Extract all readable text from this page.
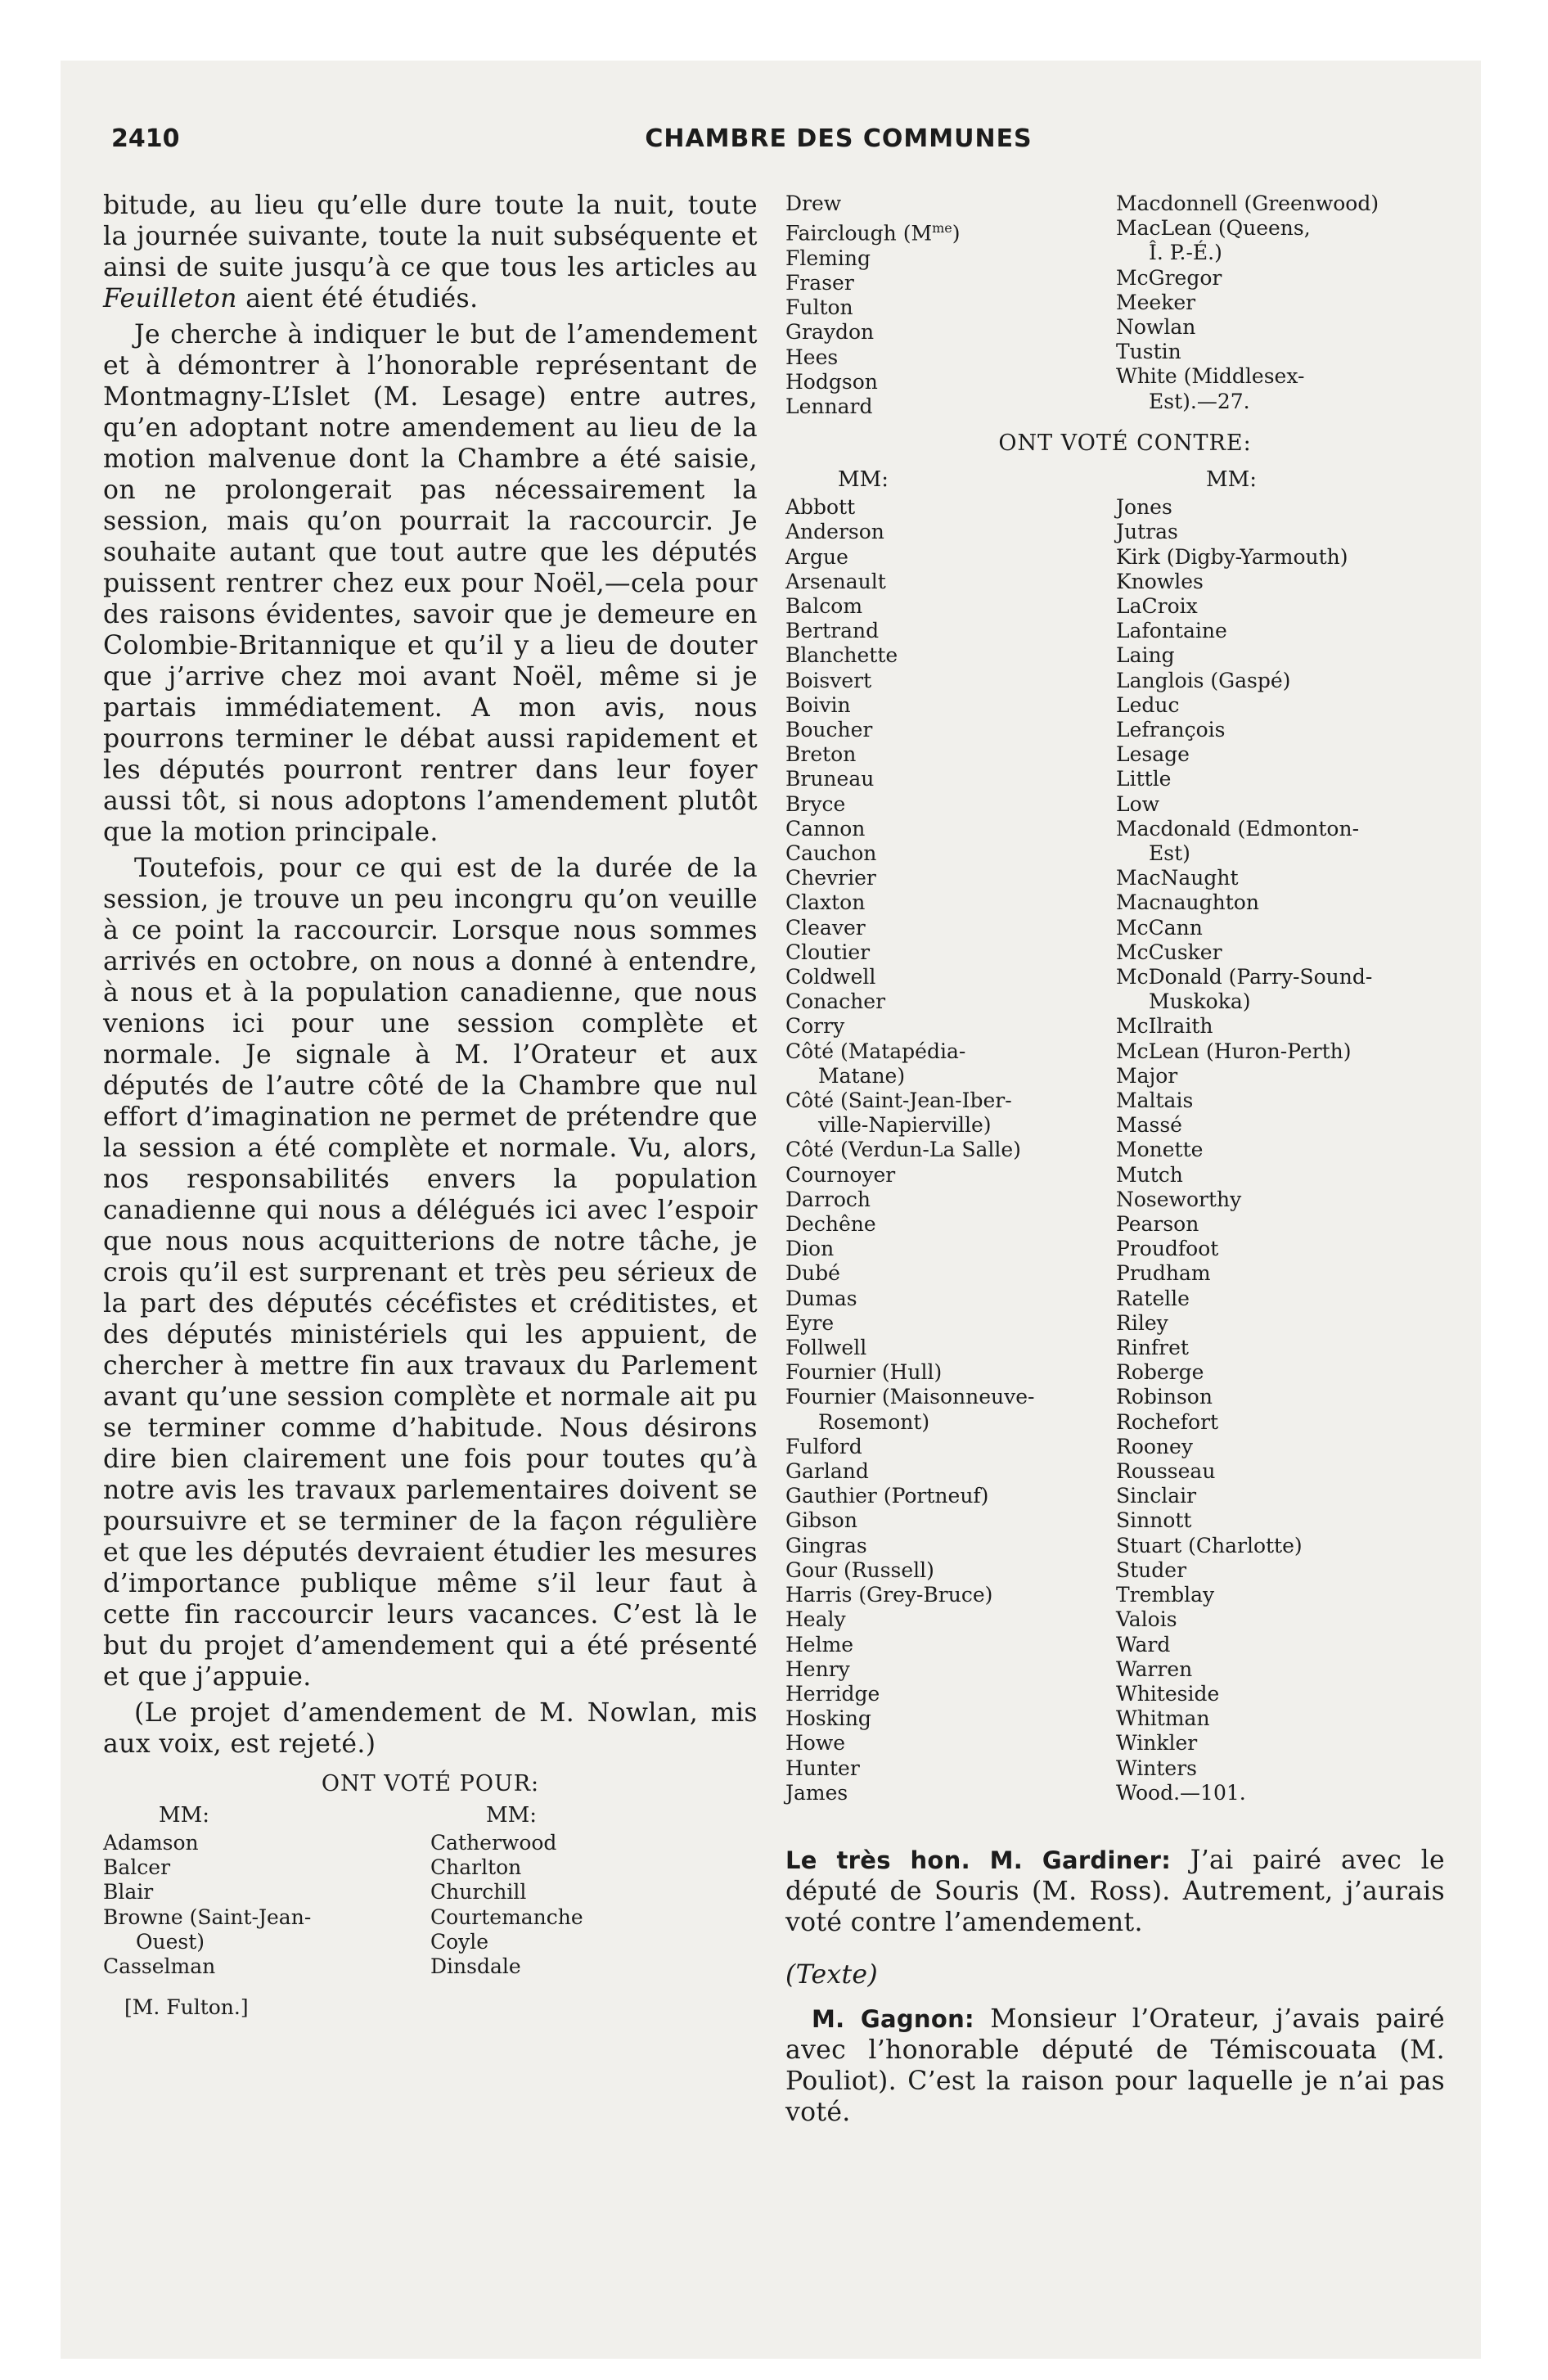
2410	CHAMBRE DES COMMUNES

bitude, au lieu qu’elle dure toute la nuit, toute la journée suivante, toute la nuit subséquente et ainsi de suite jusqu’à ce que tous les articles au Feuilleton aient été étudiés.

Je cherche à indiquer le but de l’amendement et à démontrer à l’honorable représentant de Montmagny-L’Islet (M. Lesage) entre autres, qu’en adoptant notre amendement au lieu de la motion malvenue dont la Chambre a été saisie, on ne prolongerait pas nécessairement la session, mais qu’on pourrait la raccourcir. Je souhaite autant que tout autre que les députés puissent rentrer chez eux pour Noël,—cela pour des raisons évidentes, savoir que je demeure en Colombie-Britannique et qu’il y a lieu de douter que j’arrive chez moi avant Noël, même si je partais immédiatement. A mon avis, nous pourrons terminer le débat aussi rapidement et les députés pourront rentrer dans leur foyer aussi tôt, si nous adoptons l’amendement plutôt que la motion principale.

Toutefois, pour ce qui est de la durée de la session, je trouve un peu incongru qu’on veuille à ce point la raccourcir. Lorsque nous sommes arrivés en octobre, on nous a donné à entendre, à nous et à la population canadienne, que nous venions ici pour une session complète et normale. Je signale à M. l’Orateur et aux députés de l’autre côté de la Chambre que nul effort d’imagination ne permet de prétendre que la session a été complète et normale. Vu, alors, nos responsabilités envers la population canadienne qui nous a délégués ici avec l’espoir que nous nous acquitterions de notre tâche, je crois qu’il est surprenant et très peu sérieux de la part des députés cécéfistes et créditistes, et des députés ministériels qui les appuient, de chercher à mettre fin aux travaux du Parlement avant qu’une session complète et normale ait pu se terminer comme d’habitude. Nous désirons dire bien clairement une fois pour toutes qu’à notre avis les travaux parlementaires doivent se poursuivre et se terminer de la façon régulière et que les députés devraient étudier les mesures d’importance publique même s’il leur faut à cette fin raccourcir leurs vacances. C’est là le but du projet d’amendement qui a été présenté et que j’appuie.

(Le projet d’amendement de M. Nowlan, mis aux voix, est rejeté.)

ONT VOTÉ POUR:
MM:
Adamson
Balcer
Blair
Browne (Saint-Jean-
Ouest)
Casselman
MM:
Catherwood
Charlton
Churchill
Courtemanche
Coyle
Dinsdale
[M. Fulton.]
Drew
Fairclough $(M^{me})$
Fleming
Fraser
Fulton
Graydon
Hees
Hodgson
Lennard
Macdonnell (Greenwood)
MacLean (Queens,
Î. P.-É.)
McGregor
Meeker
Nowlan
Tustin
White (Middlesex-
Est).—27.
ONT VOTÉ CONTRE:
MM:
Abbott
Anderson
Argue
Arsenault
Balcom
Bertrand
Blanchette
Boisvert
Boivin
Boucher
Breton
Bruneau
Bryce
Cannon
Cauchon
Chevrier
Claxton
Cleaver
Cloutier
Coldwell
Conacher
Corry
Côté (Matapédia-
Matane)
Côté (Saint-Jean-Iber-
ville-Napierville)
Côté (Verdun-La Salle)
Cournoyer
Darroch
Dechêne
Dion
Dubé
Dumas
Eyre
Follwell
Fournier (Hull)
Fournier (Maisonneuve-
Rosemont)
Fulford
Garland
Gauthier (Portneuf)
Gibson
Gingras
Gour (Russell)
Harris (Grey-Bruce)
Healy
Helme
Henry
Herridge
Hosking
Howe
Hunter
James
MM:
Jones
Jutras
Kirk (Digby-Yarmouth)
Knowles
LaCroix
Lafontaine
Laing
Langlois (Gaspé)
Leduc
Lefrançois
Lesage
Little
Low
Macdonald (Edmonton-
Est)
MacNaught
Macnaughton
McCann
McCusker
McDonald (Parry-Sound-
Muskoka)
McIlraith
McLean (Huron-Perth)
Major
Maltais
Massé
Monette
Mutch
Noseworthy
Pearson
Proudfoot
Prudham
Ratelle
Riley
Rinfret
Roberge
Robinson
Rochefort
Rooney
Rousseau
Sinclair
Sinnott
Stuart (Charlotte)
Studer
Tremblay
Valois
Ward
Warren
Whiteside
Whitman
Winkler
Winters
Wood.—101.

Le très hon. M. Gardiner: J’ai pairé avec le député de Souris (M. Ross). Autrement, j’aurais voté contre l’amendement.

(Texte)

M. Gagnon: Monsieur l’Orateur, j’avais pairé avec l’honorable député de Témiscouata (M. Pouliot). C’est la raison pour laquelle je n’ai pas voté.
